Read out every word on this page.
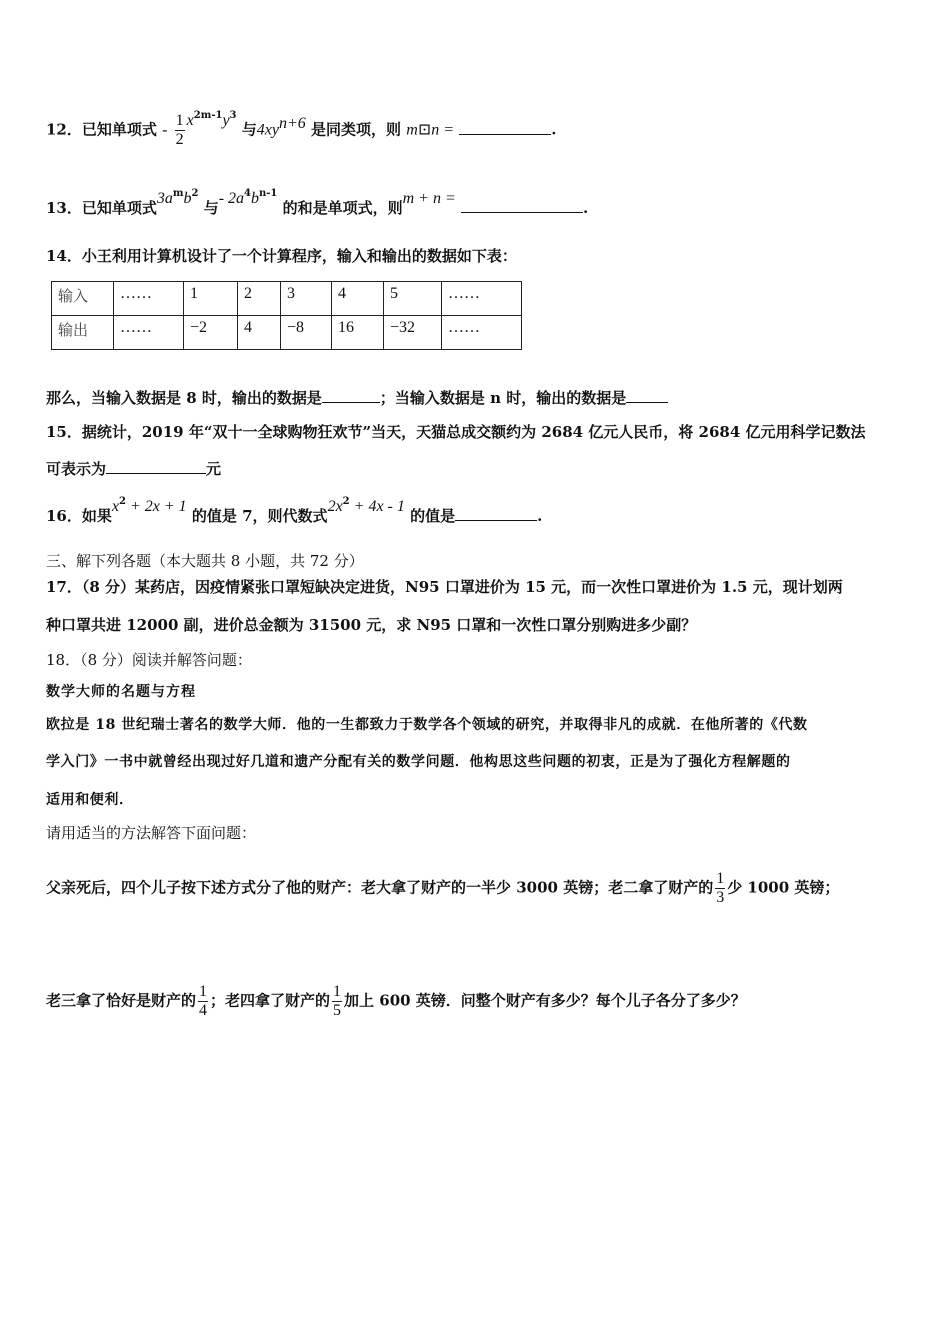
12．已知单项式 - $\frac{1}{2} x^{2m-1}y^3$ 与$4xy^{n+6}$ 是同类项，则 m⊡n =	.
13．已知单项式$3a^mb^2$ 与- $2a^4b^{n-1}$ 的和是单项式，则m + n = .
14．小王利用计算机设计了一个计算程序，输入和输出的数据如下表：
输入	……	1	2	3	4	5	……
输出	……	−2	4	−8	16	−32	……
那么，当输入数据是 8 时，输出的数据是	；当输入数据是 n 时，输出的数据是
15．据统计，2019 年“双十一全球购物狂欢节”当天，天猫总成交额约为 2684 亿元人民币，将 2684 亿元用科学记数法
可表示为	元
16．如果$x^2 + 2x + 1$ 的值是 7，则代数式$2x^2 + 4x - 1$ 的值是	.
三、解下列各题（本大题共 8 小题，共 72 分）
17．（8 分）某药店，因疫情紧张口罩短缺决定进货，N95 口罩进价为 15 元，而一次性口罩进价为 1.5 元，现计划两
种口罩共进 12000 副，进价总金额为 31500 元，求 N95 口罩和一次性口罩分别购进多少副？
18．（8 分）阅读并解答问题：
数学大师的名题与方程
欧拉是 18 世纪瑞士著名的数学大师．他的一生都致力于数学各个领域的研究，并取得非凡的成就．在他所著的《代数
学入门》一书中就曾经出现过好几道和遗产分配有关的数学问题．他构思这些问题的初衷，正是为了强化方程解题的
适用和便利．
请用适当的方法解答下面问题：
父亲死后，四个儿子按下述方式分了他的财产：老大拿了财产的一半少 3000 英镑；老二拿了财产的 $\frac{1}{3}$ 少 1000 英镑；
老三拿了恰好是财产的 $\frac{1}{4}$ ；老四拿了财产的 $\frac{1}{5}$ 加上 600 英镑．问整个财产有多少？每个儿子各分了多少？
